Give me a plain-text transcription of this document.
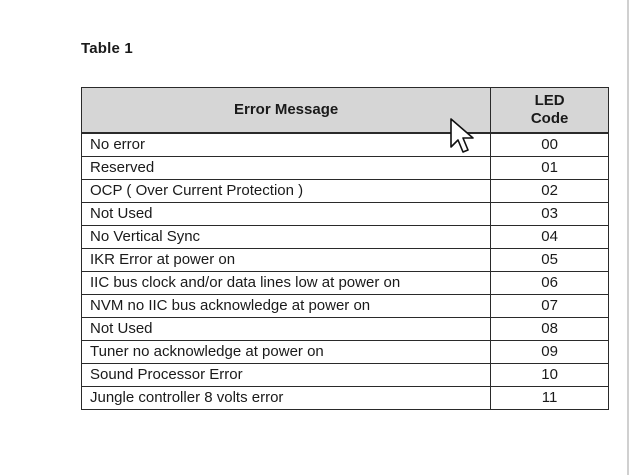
Table 1
Error Message	LED
Code
No error	00
Reserved	01
OCP ( Over Current Protection )	02
Not Used	03
No Vertical Sync	04
IKR Error at power on	05
IIC bus clock and/or data lines low at power on	06
NVM no IIC bus acknowledge at power on	07
Not Used	08
Tuner no acknowledge at power on	09
Sound Processor Error	10
Jungle controller 8 volts error	11
